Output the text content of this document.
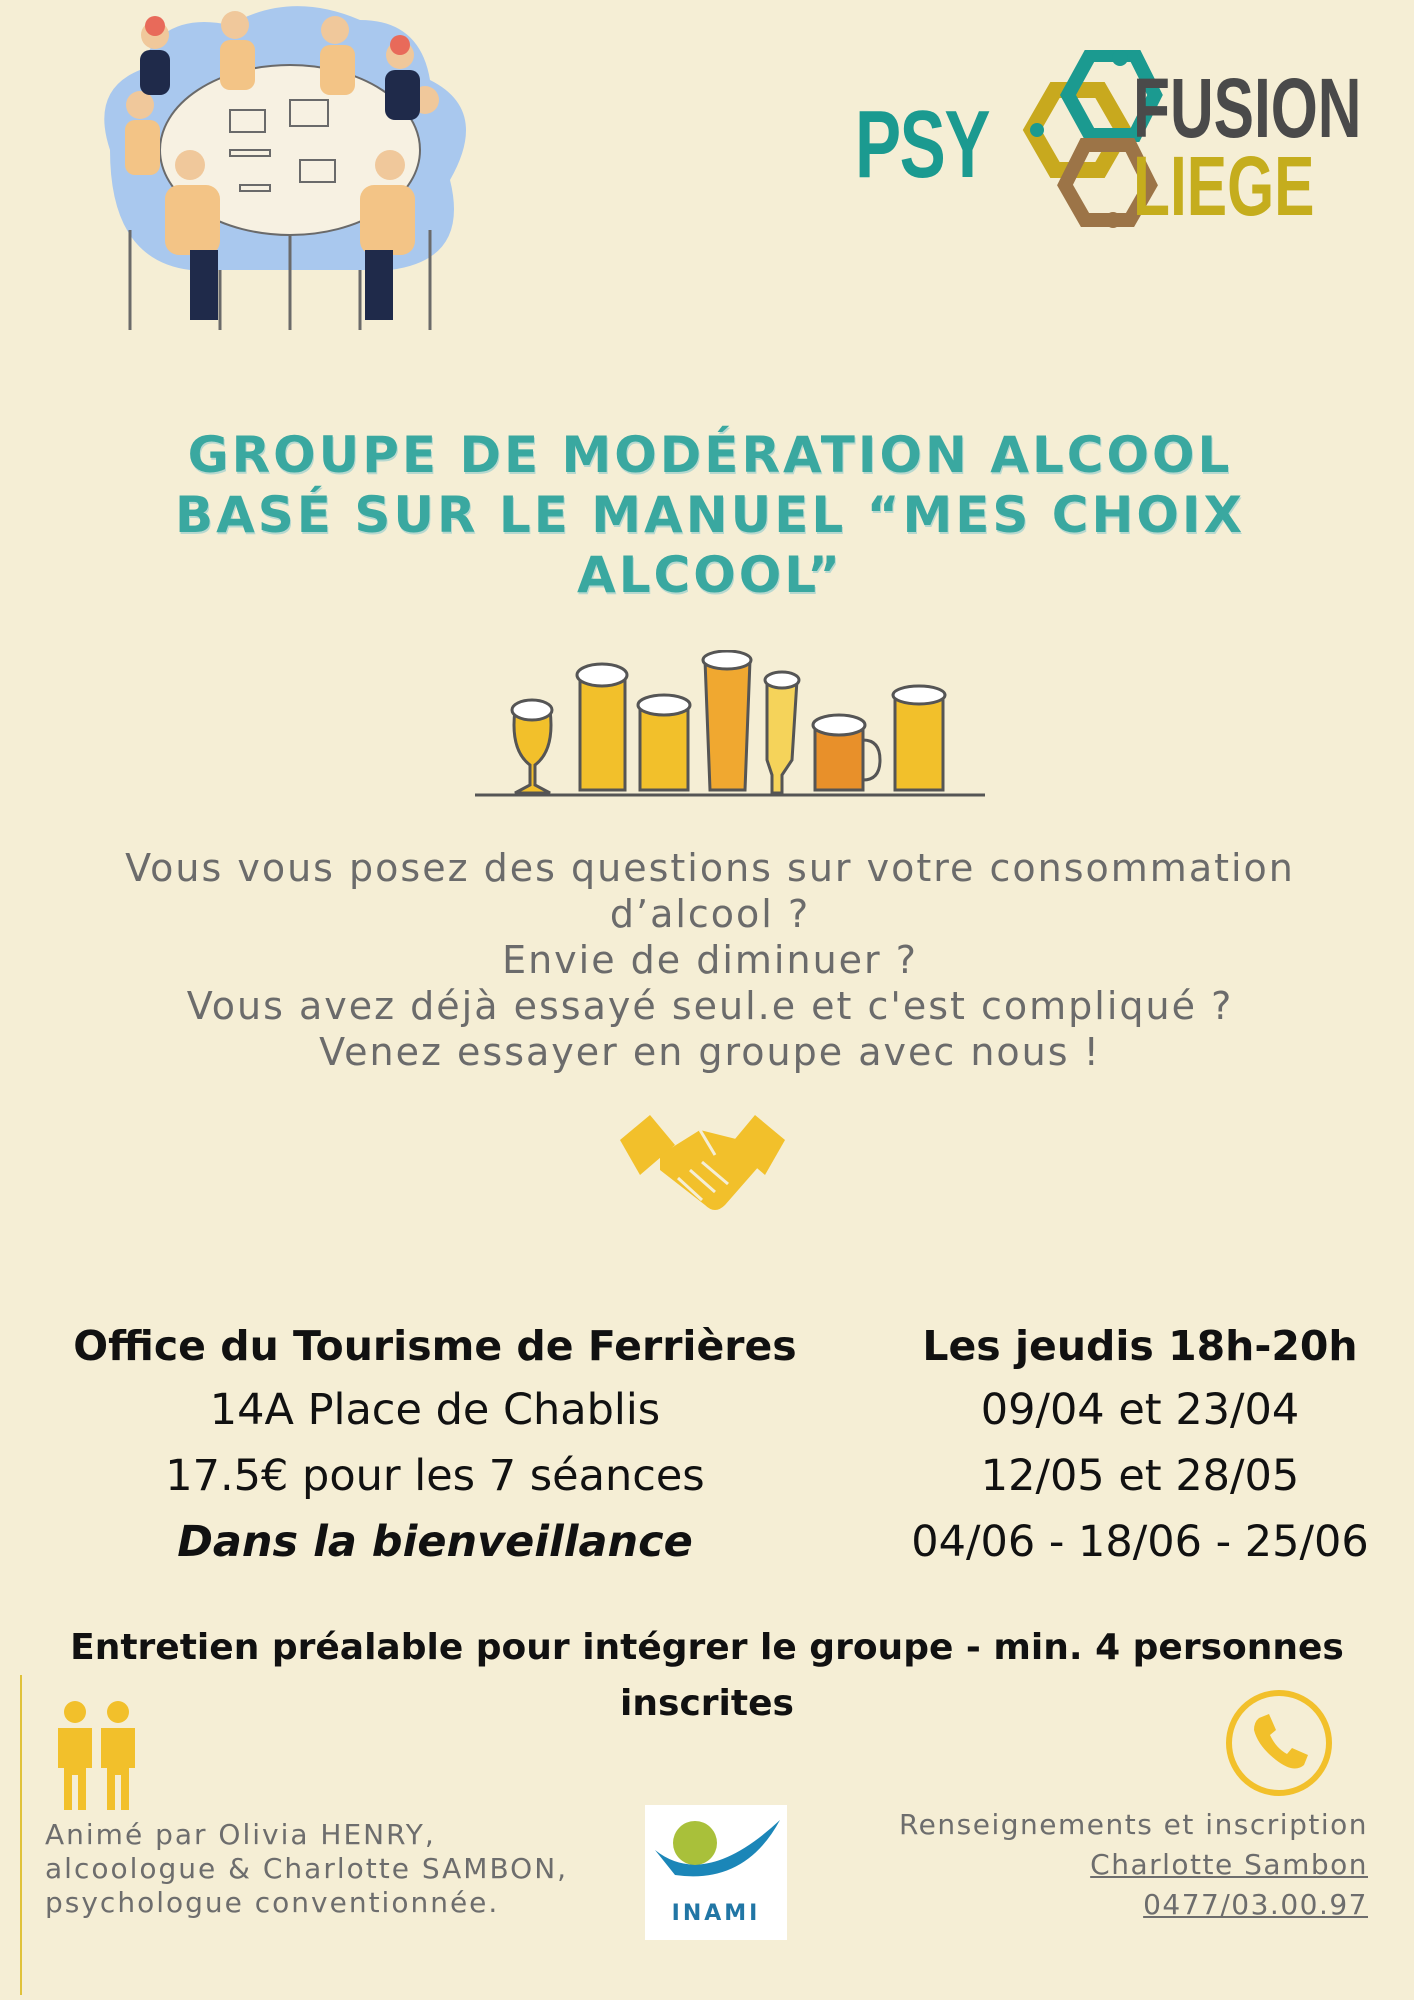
PSY FUSION
LIEGE
GROUPE DE MODÉRATION ALCOOL
BASÉ SUR LE MANUEL “MES CHOIX
ALCOOL”
Vous vous posez des questions sur votre consommation
d’alcool ?
Envie de diminuer ?
Vous avez déjà essayé seul.e et c'est compliqué ?
Venez essayer en groupe avec nous !
Office du Tourisme de Ferrières
14A Place de Chablis
17.5€ pour les 7 séances
Dans la bienveillance
Les jeudis 18h-20h
09/04 et 23/04
12/05 et 28/05
04/06 - 18/06 - 25/06
Entretien préalable pour intégrer le groupe - min. 4 personnes
inscrites
Animé par Olivia HENRY,
alcoologue & Charlotte SAMBON,
psychologue conventionnée.	INAMI
Renseignements et inscription
Charlotte Sambon
0477/03.00.97
